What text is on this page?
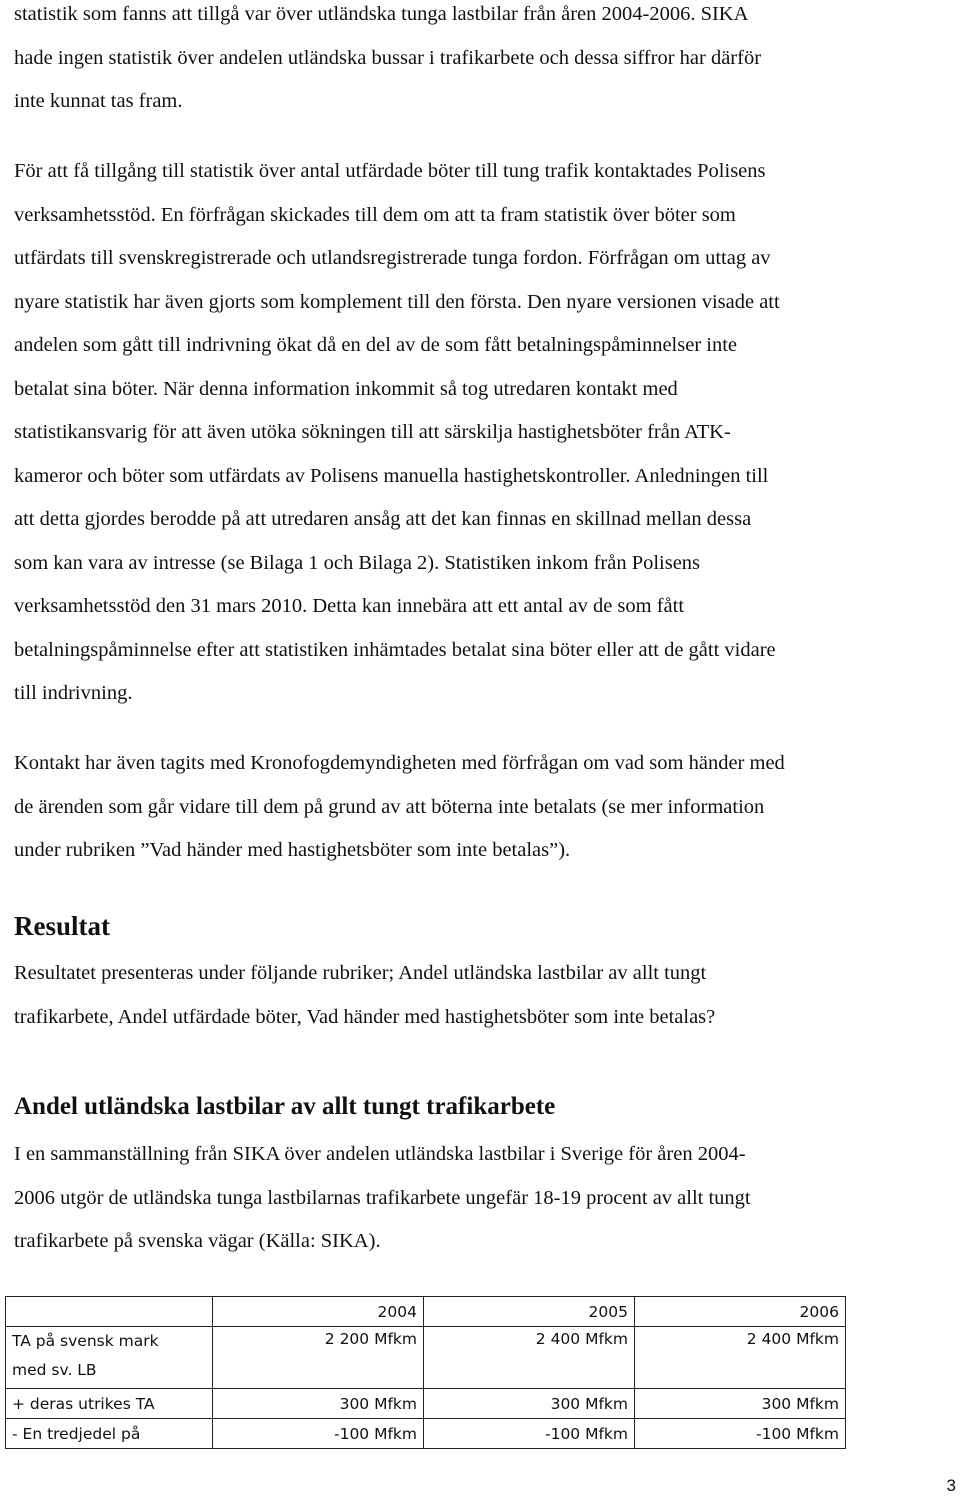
statistik som fanns att tillgå var över utländska tunga lastbilar från åren 2004-2006. SIKA
hade ingen statistik över andelen utländska bussar i trafikarbete och dessa siffror har därför
inte kunnat tas fram.

För att få tillgång till statistik över antal utfärdade böter till tung trafik kontaktades Polisens
verksamhetsstöd. En förfrågan skickades till dem om att ta fram statistik över böter som
utfärdats till svenskregistrerade och utlandsregistrerade tunga fordon. Förfrågan om uttag av
nyare statistik har även gjorts som komplement till den första. Den nyare versionen visade att
andelen som gått till indrivning ökat då en del av de som fått betalningspåminnelser inte
betalat sina böter. När denna information inkommit så tog utredaren kontakt med
statistikansvarig för att även utöka sökningen till att särskilja hastighetsböter från ATK-
kameror och böter som utfärdats av Polisens manuella hastighetskontroller. Anledningen till
att detta gjordes berodde på att utredaren ansåg att det kan finnas en skillnad mellan dessa
som kan vara av intresse (se Bilaga 1 och Bilaga 2). Statistiken inkom från Polisens
verksamhetsstöd den 31 mars 2010. Detta kan innebära att ett antal av de som fått
betalningspåminnelse efter att statistiken inhämtades betalat sina böter eller att de gått vidare
till indrivning.

Kontakt har även tagits med Kronofogdemyndigheten med förfrågan om vad som händer med
de ärenden som går vidare till dem på grund av att böterna inte betalats (se mer information
under rubriken ”Vad händer med hastighetsböter som inte betalas”).

Resultat

Resultatet presenteras under följande rubriker; Andel utländska lastbilar av allt tungt
trafikarbete, Andel utfärdade böter, Vad händer med hastighetsböter som inte betalas?

Andel utländska lastbilar av allt tungt trafikarbete

I en sammanställning från SIKA över andelen utländska lastbilar i Sverige för åren 2004-
2006 utgör de utländska tunga lastbilarnas trafikarbete ungefär 18-19 procent av allt tungt
trafikarbete på svenska vägar (Källa: SIKA).

	2004	2005	2006

TA på svensk mark
med sv. LB	2 200 Mfkm	2 400 Mfkm	2 400 Mfkm
+ deras utrikes TA	300 Mfkm	300 Mfkm	300 Mfkm
- En tredjedel på	-100 Mfkm	-100 Mfkm	-100 Mfkm

3
